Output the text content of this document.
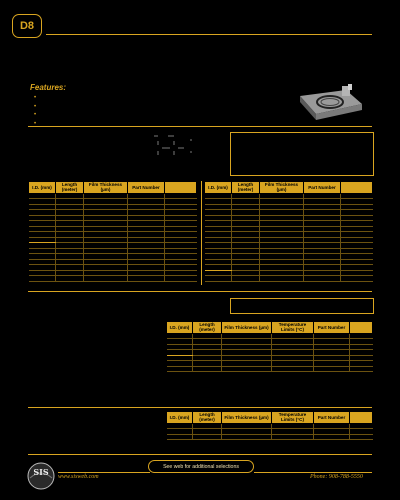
D8
Features:
•
•
•
•
I.D. (mm)	Length (meter)	Film Thickness (µm)	Part Number	

					I.D. (mm)	Length (meter)	Film Thickness (µm)	Part Number	

I.D. (mm)	Length (meter)	Film Thickness (µm)	Temperature Limits (°C)	Part Number	

I.D. (mm)	Length (meter)	Film Thickness (µm)	Temperature Limits (°C)	Part Number	

See web for additional selections
SIS www.sisweb.com	Phone: 908-788-5550
